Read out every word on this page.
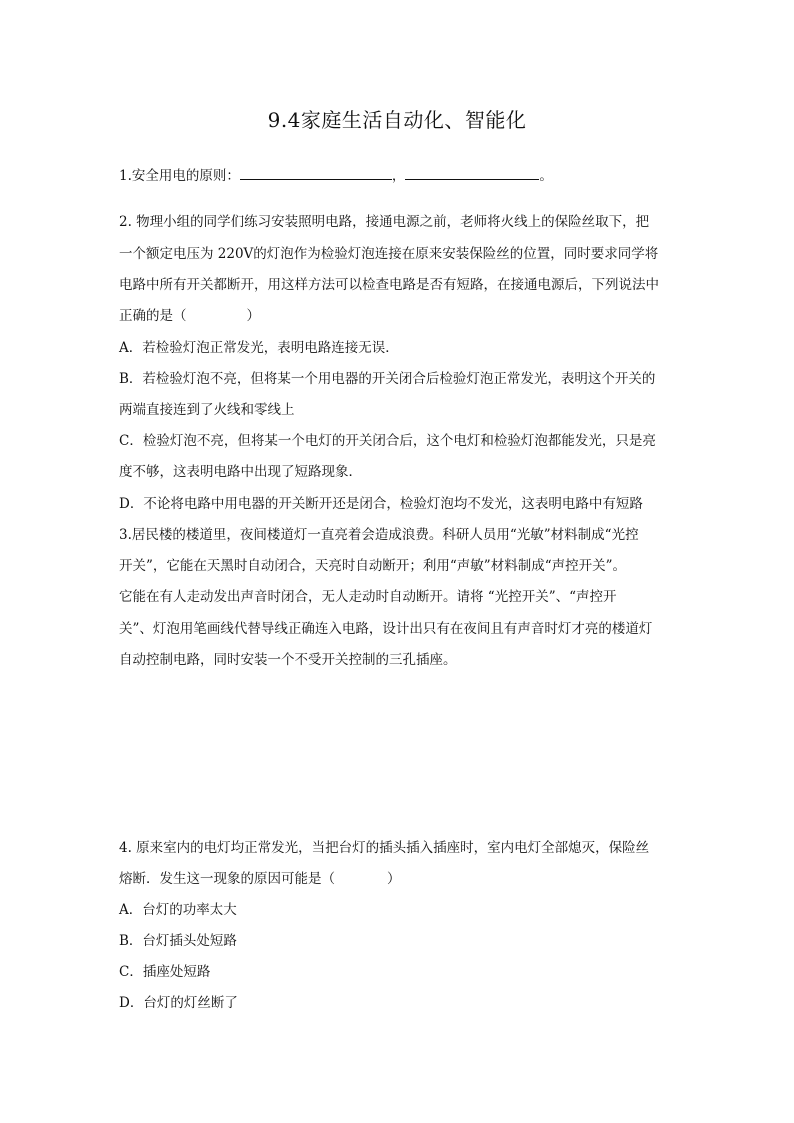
9.4家庭生活自动化、智能化
1.安全用电的原则：	，	。
2. 物理小组的同学们练习安装照明电路，接通电源之前，老师将火线上的保险丝取下，把
一个额定电压为 220V的灯泡作为检验灯泡连接在原来安装保险丝的位置，同时要求同学将
电路中所有开关都断开，用这样方法可以检查电路是否有短路，在接通电源后，下列说法中
正确的是（	）
A．若检验灯泡正常发光，表明电路连接无误．
B．若检验灯泡不亮，但将某一个用电器的开关闭合后检验灯泡正常发光，表明这个开关的
两端直接连到了火线和零线上
C．检验灯泡不亮，但将某一个电灯的开关闭合后，这个电灯和检验灯泡都能发光，只是亮
度不够，这表明电路中出现了短路现象．
D．不论将电路中用电器的开关断开还是闭合，检验灯泡均不发光，这表明电路中有短路
3.居民楼的楼道里，夜间楼道灯一直亮着会造成浪费。科研人员用“光敏”材料制成“光控
开关”，它能在天黑时自动闭合，天亮时自动断开；利用“声敏”材料制成“声控开关”。
它能在有人走动发出声音时闭合，无人走动时自动断开。请将 “光控开关”、“声控开
关”、灯泡用笔画线代替导线正确连入电路，设计出只有在夜间且有声音时灯才亮的楼道灯
自动控制电路，同时安装一个不受开关控制的三孔插座。
4. 原来室内的电灯均正常发光，当把台灯的插头插入插座时，室内电灯全部熄灭，保险丝
熔断．发生这一现象的原因可能是（	）
A．台灯的功率太大
B．台灯插头处短路
C．插座处短路
D．台灯的灯丝断了
